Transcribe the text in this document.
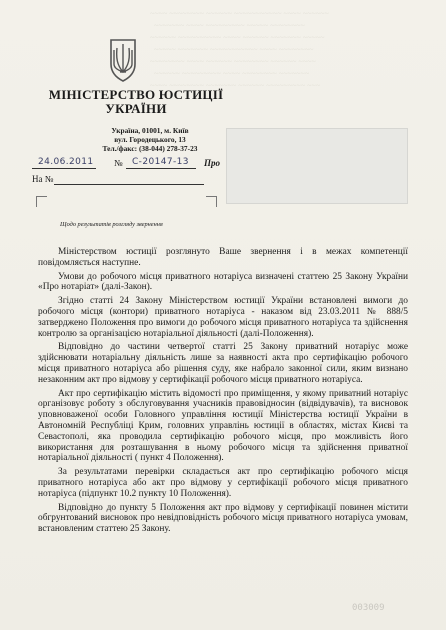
~~~~ ~~~~~~~~ ~~~~~~ ~~~~~~~~~~~ ~~~~ ~~~~~~
~~~~~~~ ~~~~ ~~~~~~~~~ ~~~~~ ~~~~~~~~
~~~~~~ ~~~~~~~~~~ ~~~~ ~~~~~~ ~~~~~~~ ~~~~~
~~~~~ ~~~~~~~ ~~~~~~~~~~~ ~~~~ ~~~~~~~~
~~~~~~~~ ~~~~ ~~~~~~ ~~~~~~~~ ~~~~~~ ~~~~
~~~~~~ ~~~~~~~~~ ~~~~ ~~~~~~~~ ~~~~~~~
~~~~ ~~~~~~~~ ~~~~~~~ ~~~~~~ ~~~~~~~~~ ~~~
МІНІСТЕРСТВО ЮСТИЦІЇ
УКРАЇНИ
Україна, 01001, м. Київ
вул. Городецького, 13
Тел./факс: (38-044) 278-37-23
24.06.2011 № С-20147-13 Про
На №
Щодо результатів розгляду звернення

Міністерством юстиції розглянуто Ваше звернення і в межах компетенції повідомляється наступне.

Умови до робочого місця приватного нотаріуса визначені статтею 25 Закону України «Про нотаріат» (далі-Закон).

Згідно статті 24 Закону Міністерством юстиції України встановлені вимоги до робочого місця (контори) приватного нотаріуса - наказом від 23.03.2011 № 888/5 затверджено Положення про вимоги до робочого місця приватного нотаріуса та здійснення контролю за організацією нотаріальної діяльності (далі-Положення).

Відповідно до частини четвертої статті 25 Закону приватний нотаріус може здійснювати нотаріальну діяльність лише за наявності акта про сертифікацію робочого місця приватного нотаріуса або рішення суду, яке набрало законної сили, яким визнано незаконним акт про відмову у сертифікації робочого місця приватного нотаріуса.

Акт про сертифікацію містить відомості про приміщення, у якому приватний нотаріус організовує роботу з обслуговування учасників правовідносин (відвідувачів), та висновок уповноваженої особи Головного управління юстиції Міністерства юстиції України в Автономній Республіці Крим, головних управлінь юстиції в областях, містах Києві та Севастополі, яка проводила сертифікацію робочого місця, про можливість його використання для розташування в ньому робочого місця та здійснення приватної нотаріальної діяльності ( пункт 4 Положення).

За результатами перевірки складається акт про сертифікацію робочого місця приватного нотаріуса або акт про відмову у сертифікації робочого місця приватного нотаріуса (підпункт 10.2 пункту 10 Положення).

Відповідно до пункту 5 Положення акт про відмову у сертифікації повинен містити обгрунтований висновок про невідповідність робочого місця приватного нотаріуса умовам, встановленим статтею 25 Закону.

003009
